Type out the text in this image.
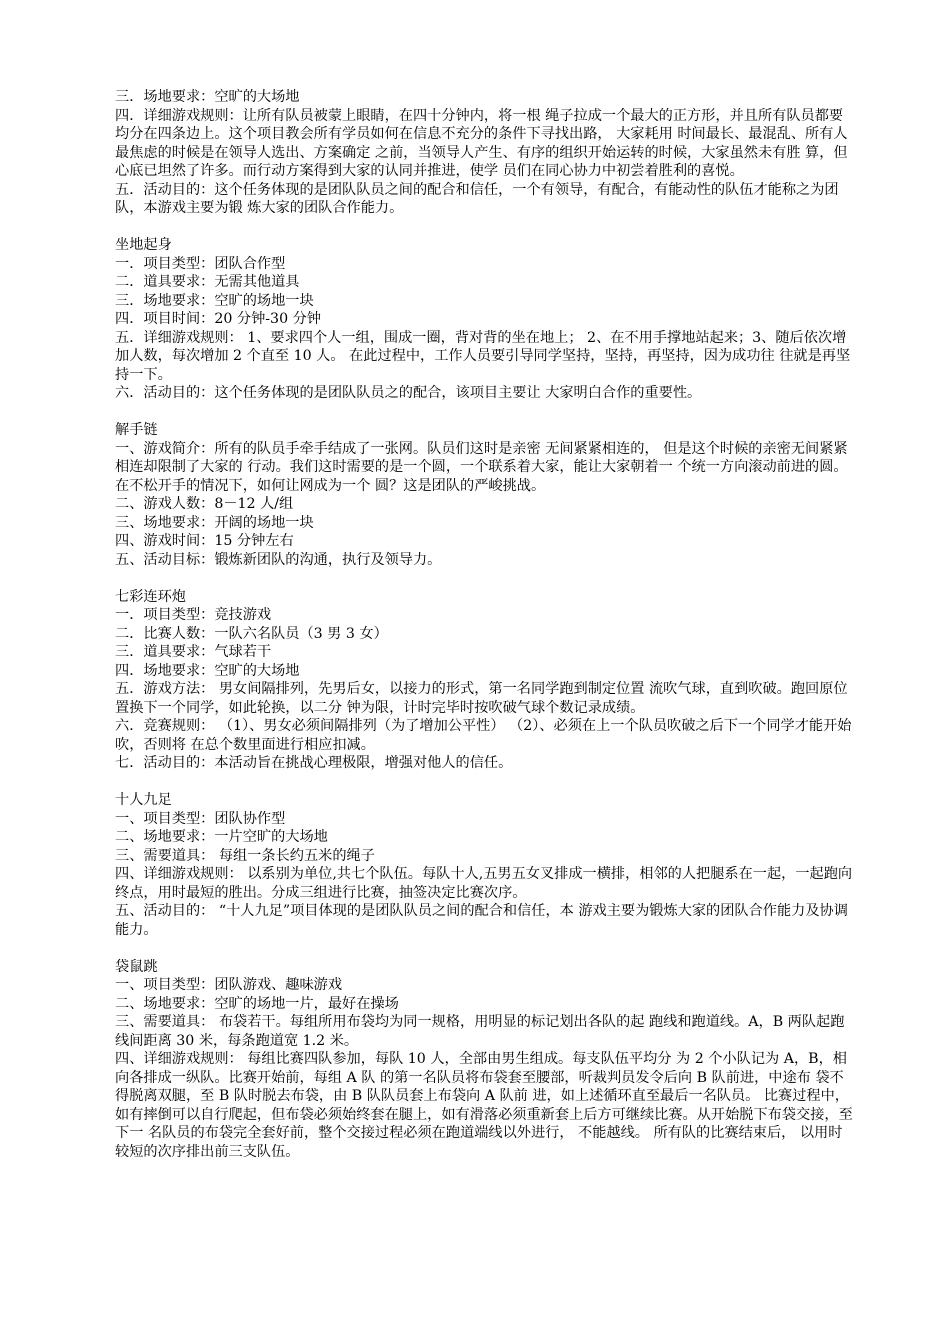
三．场地要求：空旷的大场地
四．详细游戏规则：让所有队员被蒙上眼睛，在四十分钟内，将一根 绳子拉成一个最大的正方形，并且所有队员都要均分在四条边上。这个项目教会所有学员如何在信息不充分的条件下寻找出路， 大家耗用 时间最长、最混乱、所有人最焦虑的时候是在领导人选出、方案确定 之前，当领导人产生、有序的组织开始运转的时候，大家虽然未有胜 算，但心底已坦然了许多。而行动方案得到大家的认同并推进，使学 员们在同心协力中初尝着胜利的喜悦。
五．活动目的：这个任务体现的是团队队员之间的配合和信任，一个有领导，有配合，有能动性的队伍才能称之为团队，本游戏主要为锻 炼大家的团队合作能力。
坐地起身
一．项目类型：团队合作型
二．道具要求：无需其他道具
三．场地要求：空旷的场地一块
四．项目时间：20 分钟-30 分钟
五．详细游戏规则： 1、要求四个人一组，围成一圈，背对背的坐在地上； 2、在不用手撑地站起来；3、随后依次增加人数，每次增加 2 个直至 10 人。 在此过程中，工作人员要引导同学坚持，坚持，再坚持，因为成功往 往就是再坚持一下。
六．活动目的：这个任务体现的是团队队员之的配合，该项目主要让 大家明白合作的重要性。
解手链
一、游戏简介：所有的队员手牵手结成了一张网。队员们这时是亲密 无间紧紧相连的， 但是这个时候的亲密无间紧紧相连却限制了大家的 行动。我们这时需要的是一个圆，一个联系着大家，能让大家朝着一 个统一方向滚动前进的圆。在不松开手的情况下，如何让网成为一个 圆？这是团队的严峻挑战。
二、游戏人数：8－12 人/组
三、场地要求：开阔的场地一块
四、游戏时间：15 分钟左右
五、活动目标：锻炼新团队的沟通，执行及领导力。
七彩连环炮
一．项目类型：竞技游戏
二．比赛人数：一队六名队员（3 男 3 女）
三．道具要求：气球若干
四．场地要求：空旷的大场地
五．游戏方法： 男女间隔排列，先男后女，以接力的形式，第一名同学跑到制定位置 流吹气球，直到吹破。跑回原位置换下一个同学，如此轮换，以二分 钟为限，计时完毕时按吹破气球个数记录成绩。
六．竞赛规则： （1）、男女必须间隔排列（为了增加公平性） （2）、必须在上一个队员吹破之后下一个同学才能开始吹，否则将 在总个数里面进行相应扣减。
七．活动目的：本活动旨在挑战心理极限，增强对他人的信任。
十人九足
一、项目类型：团队协作型
二、场地要求：一片空旷的大场地
三、需要道具： 每组一条长约五米的绳子
四、详细游戏规则： 以系别为单位,共七个队伍。每队十人,五男五女叉排成一横排，相邻的人把腿系在一起，一起跑向终点，用时最短的胜出。分成三组进行比赛，抽签决定比赛次序。
五、活动目的： “十人九足”项目体现的是团队队员之间的配合和信任，本 游戏主要为锻炼大家的团队合作能力及协调能力。
袋鼠跳
一、项目类型：团队游戏、趣味游戏
二、场地要求：空旷的场地一片，最好在操场
三、需要道具： 布袋若干。每组所用布袋均为同一规格，用明显的标记划出各队的起 跑线和跑道线。A，B 两队起跑线间距离 30 米，每条跑道宽 1.2 米。
四、详细游戏规则： 每组比赛四队参加，每队 10 人，全部由男生组成。每支队伍平均分 为 2 个小队记为 A，B，相向各排成一纵队。比赛开始前，每组 A 队 的第一名队员将布袋套至腰部，听裁判员发令后向 B 队前进，中途布 袋不得脱离双腿，至 B 队时脱去布袋，由 B 队队员套上布袋向 A 队前 进，如上述循环直至最后一名队员。 比赛过程中，如有摔倒可以自行爬起，但布袋必须始终套在腿上，如有滑落必须重新套上后方可继续比赛。从开始脱下布袋交接，至下一 名队员的布袋完全套好前，整个交接过程必须在跑道端线以外进行， 不能越线。 所有队的比赛结束后， 以用时较短的次序排出前三支队伍。
